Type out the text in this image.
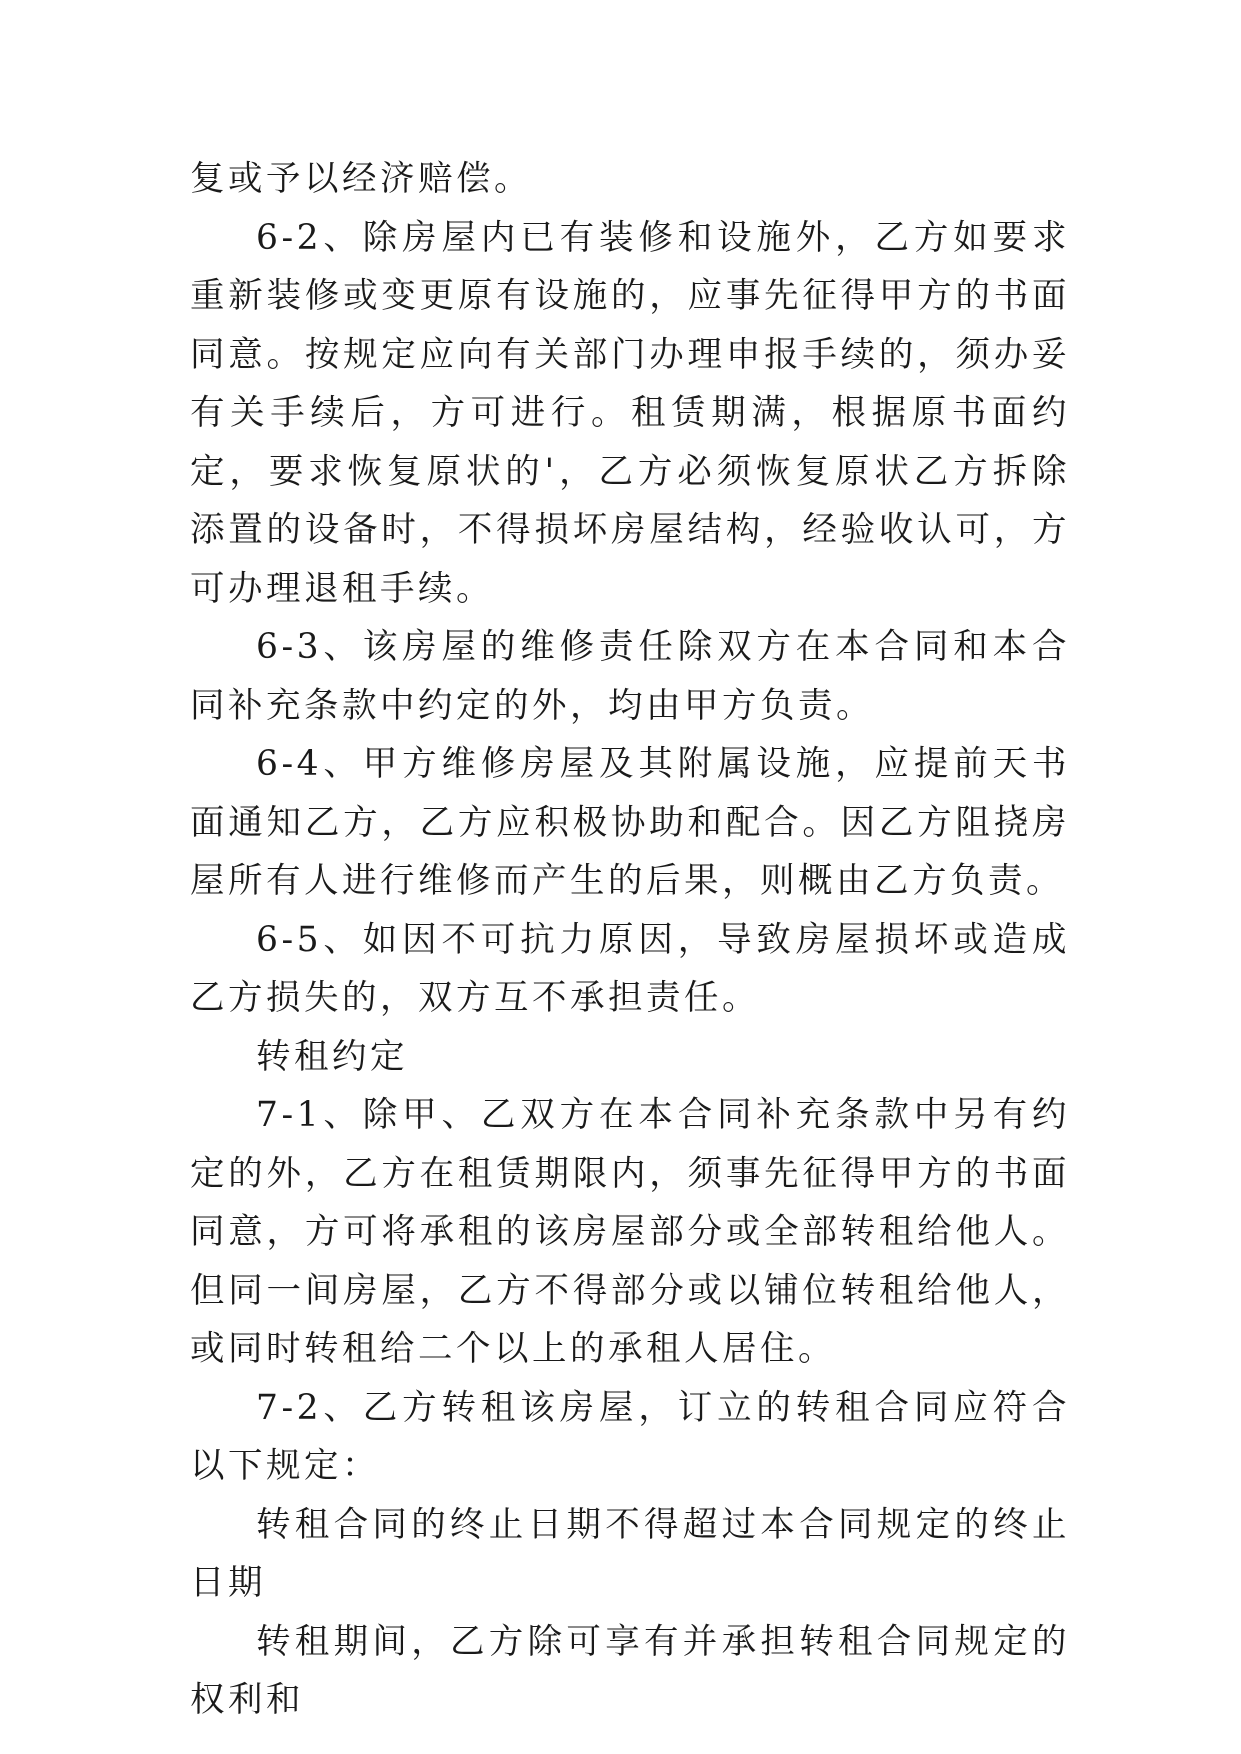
复或予以经济赔偿。

6-2、除房屋内已有装修和设施外，乙方如要求重新装修或变更原有设施的，应事先征得甲方的书面同意。按规定应向有关部门办理申报手续的，须办妥有关手续后，方可进行。租赁期满，根据原书面约定，要求恢复原状的'，乙方必须恢复原状乙方拆除添置的设备时，不得损坏房屋结构，经验收认可，方可办理退租手续。

6-3、该房屋的维修责任除双方在本合同和本合同补充条款中约定的外，均由甲方负责。

6-4、甲方维修房屋及其附属设施，应提前天书面通知乙方，乙方应积极协助和配合。因乙方阻挠房屋所有人进行维修而产生的后果，则概由乙方负责。

6-5、如因不可抗力原因，导致房屋损坏或造成乙方损失的，双方互不承担责任。

转租约定

7-1、除甲、乙双方在本合同补充条款中另有约定的外，乙方在租赁期限内，须事先征得甲方的书面同意，方可将承租的该房屋部分或全部转租给他人。但同一间房屋，乙方不得部分或以铺位转租给他人，或同时转租给二个以上的承租人居住。

7-2、乙方转租该房屋，订立的转租合同应符合以下规定：

转租合同的终止日期不得超过本合同规定的终止日期

转租期间，乙方除可享有并承担转租合同规定的权利和
